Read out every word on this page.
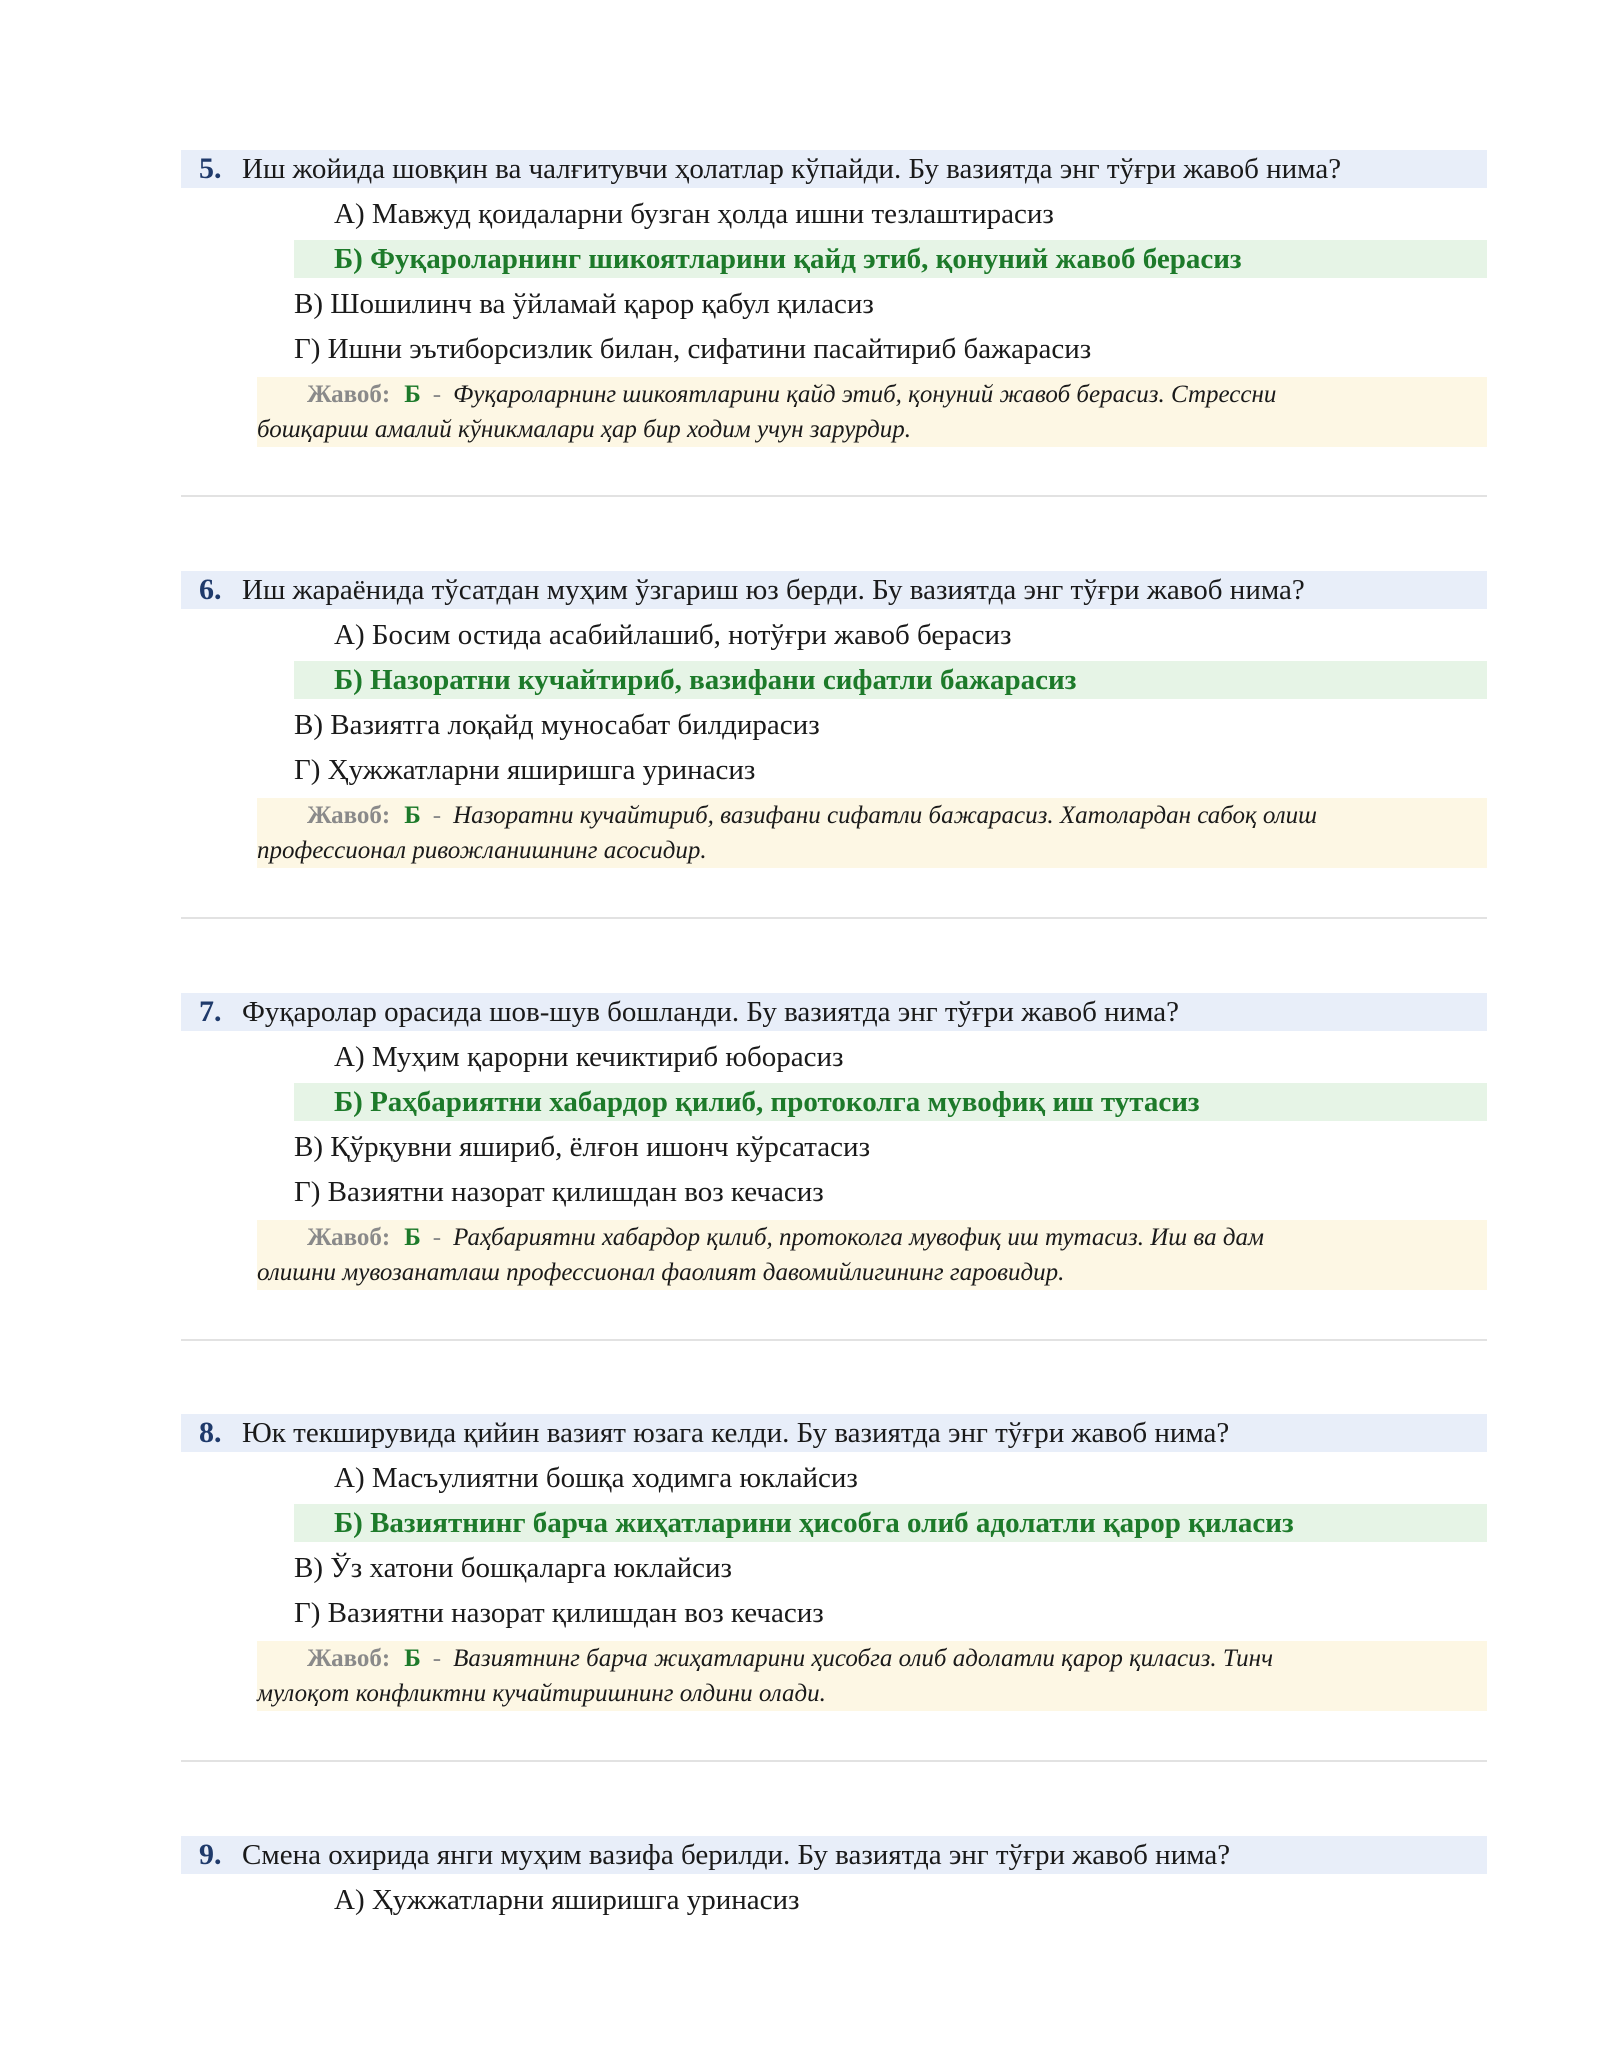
5. Иш жойида шовқин ва чалғитувчи ҳолатлар кўпайди. Бу вазиятда энг тўғри жавоб нима?
А) Мавжуд қоидаларни бузган ҳолда ишни тезлаштирасиз
Б) Фуқароларнинг шикоятларини қайд этиб, қонуний жавоб берасиз
В) Шошилинч ва ўйламай қарор қабул қиласиз
Г) Ишни эътиборсизлик билан, сифатини пасайтириб бажарасиз
Жавоб: Б - Фуқароларнинг шикоятларини қайд этиб, қонуний жавоб берасиз. Стрессни
бошқариш амалий кўникмалари ҳар бир ходим учун зарурдир.
6. Иш жараёнида тўсатдан муҳим ўзгариш юз берди. Бу вазиятда энг тўғри жавоб нима?
А) Босим остида асабийлашиб, нотўғри жавоб берасиз
Б) Назоратни кучайтириб, вазифани сифатли бажарасиз
В) Вазиятга лоқайд муносабат билдирасиз
Г) Ҳужжатларни яширишга уринасиз
Жавоб: Б - Назоратни кучайтириб, вазифани сифатли бажарасиз. Хатолардан сабоқ олиш
профессионал ривожланишнинг асосидир.
7. Фуқаролар орасида шов-шув бошланди. Бу вазиятда энг тўғри жавоб нима?
А) Муҳим қарорни кечиктириб юборасиз
Б) Раҳбариятни хабардор қилиб, протоколга мувофиқ иш тутасиз
В) Қўрқувни яшириб, ёлғон ишонч кўрсатасиз
Г) Вазиятни назорат қилишдан воз кечасиз
Жавоб: Б - Раҳбариятни хабардор қилиб, протоколга мувофиқ иш тутасиз. Иш ва дам
олишни мувозанатлаш профессионал фаолият давомийлигининг гаровидир.
8. Юк текширувида қийин вазият юзага келди. Бу вазиятда энг тўғри жавоб нима?
А) Масъулиятни бошқа ходимга юклайсиз
Б) Вазиятнинг барча жиҳатларини ҳисобга олиб адолатли қарор қиласиз
В) Ўз хатони бошқаларга юклайсиз
Г) Вазиятни назорат қилишдан воз кечасиз
Жавоб: Б - Вазиятнинг барча жиҳатларини ҳисобга олиб адолатли қарор қиласиз. Тинч
мулоқот конфликтни кучайтиришнинг олдини олади.
9. Смена охирида янги муҳим вазифа берилди. Бу вазиятда энг тўғри жавоб нима?
А) Ҳужжатларни яширишга уринасиз
